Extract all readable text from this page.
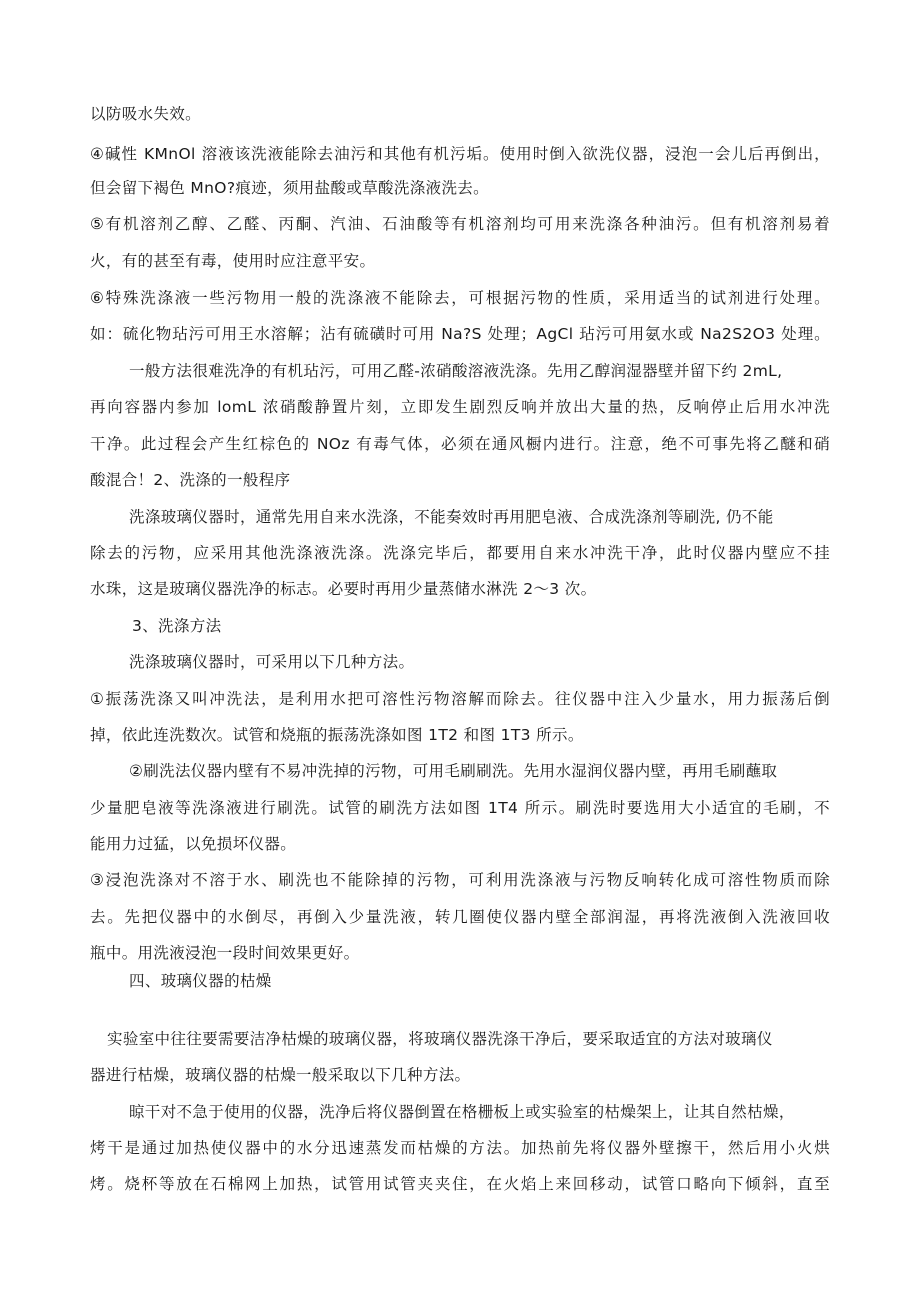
以防吸水失效。
④碱性 KMnOl 溶液该洗液能除去油污和其他有机污垢。使用时倒入欲洗仪器，浸泡一会儿后再倒出，
但会留下褐色 MnO?痕迹，须用盐酸或草酸洗涤液洗去。
⑤有机溶剂乙醇、乙醛、丙酮、汽油、石油酸等有机溶剂均可用来洗涤各种油污。但有机溶剂易着
火，有的甚至有毒，使用时应注意平安。
⑥特殊洗涤液一些污物用一般的洗涤液不能除去，可根据污物的性质，采用适当的试剂进行处理。
如：硫化物玷污可用王水溶解；沾有硫磺时可用 Na?S 处理；AgCl 玷污可用氨水或 Na2S2O3 处理。
一般方法很难洗净的有机玷污，可用乙醛-浓硝酸溶液洗涤。先用乙醇润湿器壁并留下约 2mL,
再向容器内参加 lomL 浓硝酸静置片刻，立即发生剧烈反响并放出大量的热，反响停止后用水冲洗
干净。此过程会产生红棕色的 NOz 有毒气体，必须在通风橱内进行。注意，绝不可事先将乙醚和硝
酸混合！2、洗涤的一般程序
洗涤玻璃仪器时，通常先用自来水洗涤，不能奏效时再用肥皂液、合成洗涤剂等刷洗, 仍不能
除去的污物，应采用其他洗涤液洗涤。洗涤完毕后，都要用自来水冲洗干净，此时仪器内壁应不挂
水珠，这是玻璃仪器洗净的标志。必要时再用少量蒸储水淋洗 2〜3 次。
3、洗涤方法
洗涤玻璃仪器时，可采用以下几种方法。
①振荡洗涤又叫冲洗法，是利用水把可溶性污物溶解而除去。往仪器中注入少量水，用力振荡后倒
掉，依此连洗数次。试管和烧瓶的振荡洗涤如图 1T2 和图 1T3 所示。
②刷洗法仪器内壁有不易冲洗掉的污物，可用毛刷刷洗。先用水湿润仪器内壁，再用毛刷蘸取
少量肥皂液等洗涤液进行刷洗。试管的刷洗方法如图 1T4 所示。刷洗时要选用大小适宜的毛刷，不
能用力过猛，以免损坏仪器。
③浸泡洗涤对不溶于水、刷洗也不能除掉的污物，可利用洗涤液与污物反响转化成可溶性物质而除
去。先把仪器中的水倒尽，再倒入少量洗液，转几圈使仪器内壁全部润湿，再将洗液倒入洗液回收
瓶中。用洗液浸泡一段时间效果更好。
四、玻璃仪器的枯燥
实验室中往往要需要洁净枯燥的玻璃仪器，将玻璃仪器洗涤干净后，要采取适宜的方法对玻璃仪
器进行枯燥，玻璃仪器的枯燥一般采取以下几种方法。
晾干对不急于使用的仪器，洗净后将仪器倒置在格栅板上或实验室的枯燥架上，让其自然枯燥，
烤干是通过加热使仪器中的水分迅速蒸发而枯燥的方法。加热前先将仪器外壁擦干，然后用小火烘
烤。烧杯等放在石棉网上加热，试管用试管夹夹住，在火焰上来回移动，试管口略向下倾斜，直至
